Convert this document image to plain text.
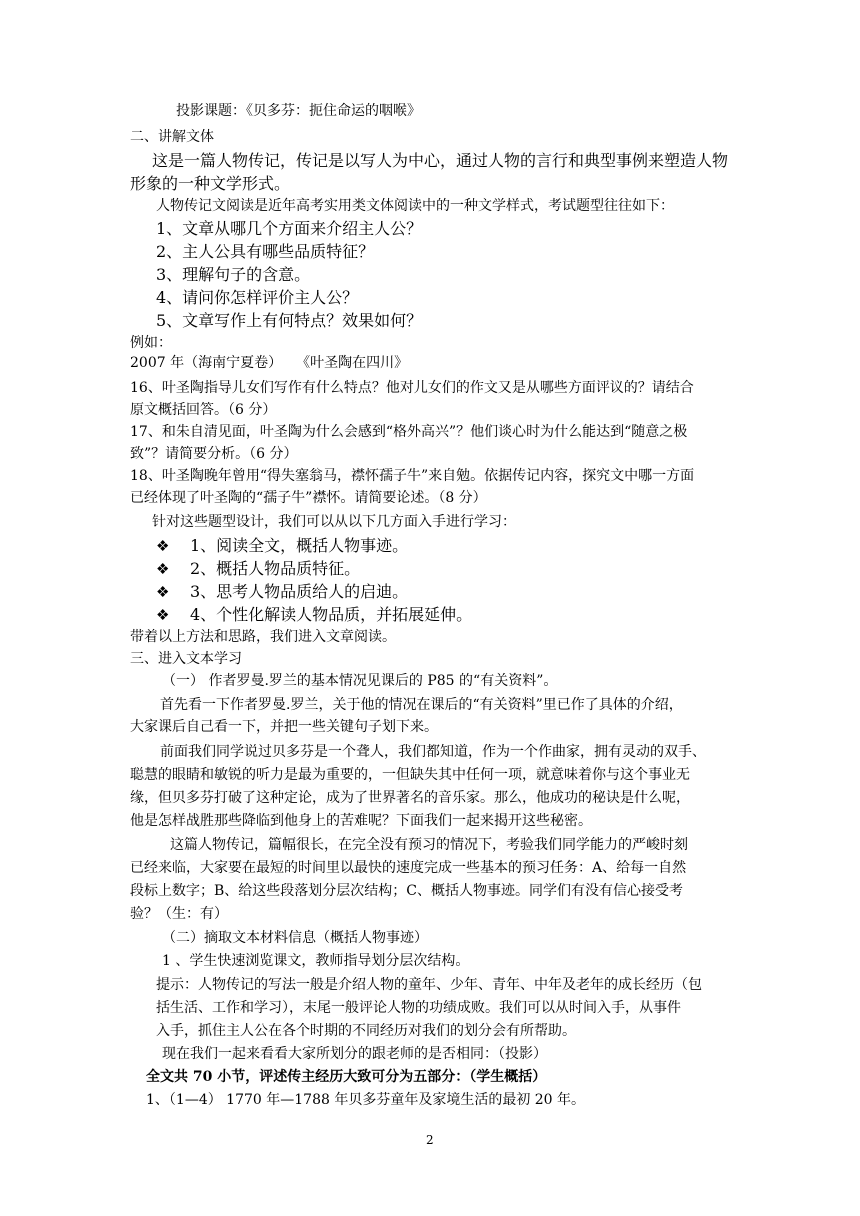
投影课题：《贝多芬：扼住命运的咽喉》
二、讲解文体
这是一篇人物传记，传记是以写人为中心，通过人物的言行和典型事例来塑造人物
形象的一种文学形式。
人物传记文阅读是近年高考实用类文体阅读中的一种文学样式，考试题型往往如下：
1、文章从哪几个方面来介绍主人公？
2、主人公具有哪些品质特征？
3、理解句子的含意。
4、请问你怎样评价主人公？
5、文章写作上有何特点？效果如何？
例如：
2007 年（海南宁夏卷）　　《叶圣陶在四川》
16、叶圣陶指导儿女们写作有什么特点？他对儿女们的作文又是从哪些方面评议的？请结合
原文概括回答。（6 分）
17、和朱自清见面，叶圣陶为什么会感到“格外高兴”？他们谈心时为什么能达到“随意之极
致”？请简要分析。（6 分）
18、叶圣陶晚年曾用“得失塞翁马，襟怀孺子牛”来自勉。依据传记内容，探究文中哪一方面
已经体现了叶圣陶的“孺子牛”襟怀。请简要论述。（8 分）
针对这些题型设计，我们可以从以下几方面入手进行学习：
❖ 1、阅读全文，概括人物事迹。
❖ 2、概括人物品质特征。
❖ 3、思考人物品质给人的启迪。
❖ 4、个性化解读人物品质，并拓展延伸。
带着以上方法和思路，我们进入文章阅读。
三、进入文本学习
（一） 作者罗曼.罗兰的基本情况见课后的 P85 的“有关资料”。
首先看一下作者罗曼.罗兰，关于他的情况在课后的“有关资料”里已作了具体的介绍，
大家课后自己看一下，并把一些关键句子划下来。
前面我们同学说过贝多芬是一个聋人，我们都知道，作为一个作曲家，拥有灵动的双手、
聪慧的眼睛和敏锐的听力是最为重要的，一但缺失其中任何一项，就意味着你与这个事业无
缘，但贝多芬打破了这种定论，成为了世界著名的音乐家。那么，他成功的秘诀是什么呢，
他是怎样战胜那些降临到他身上的苦难呢？下面我们一起来揭开这些秘密。
这篇人物传记，篇幅很长，在完全没有预习的情况下，考验我们同学能力的严峻时刻
已经来临，大家要在最短的时间里以最快的速度完成一些基本的预习任务：A、给每一自然
段标上数字；B、给这些段落划分层次结构；C、概括人物事迹。同学们有没有信心接受考
验？（生：有）
（二）摘取文本材料信息（概括人物事迹）
1 、学生快速浏览课文，教师指导划分层次结构。
提示：人物传记的写法一般是介绍人物的童年、少年、青年、中年及老年的成长经历（包
括生活、工作和学习），末尾一般评论人物的功绩成败。我们可以从时间入手，从事件
入手，抓住主人公在各个时期的不同经历对我们的划分会有所帮助。
现在我们一起来看看大家所划分的跟老师的是否相同：（投影）
全文共 70 小节，评述传主经历大致可分为五部分：（学生概括）
1、（1—4） 1770 年—1788 年贝多芬童年及家境生活的最初 20 年。
2
